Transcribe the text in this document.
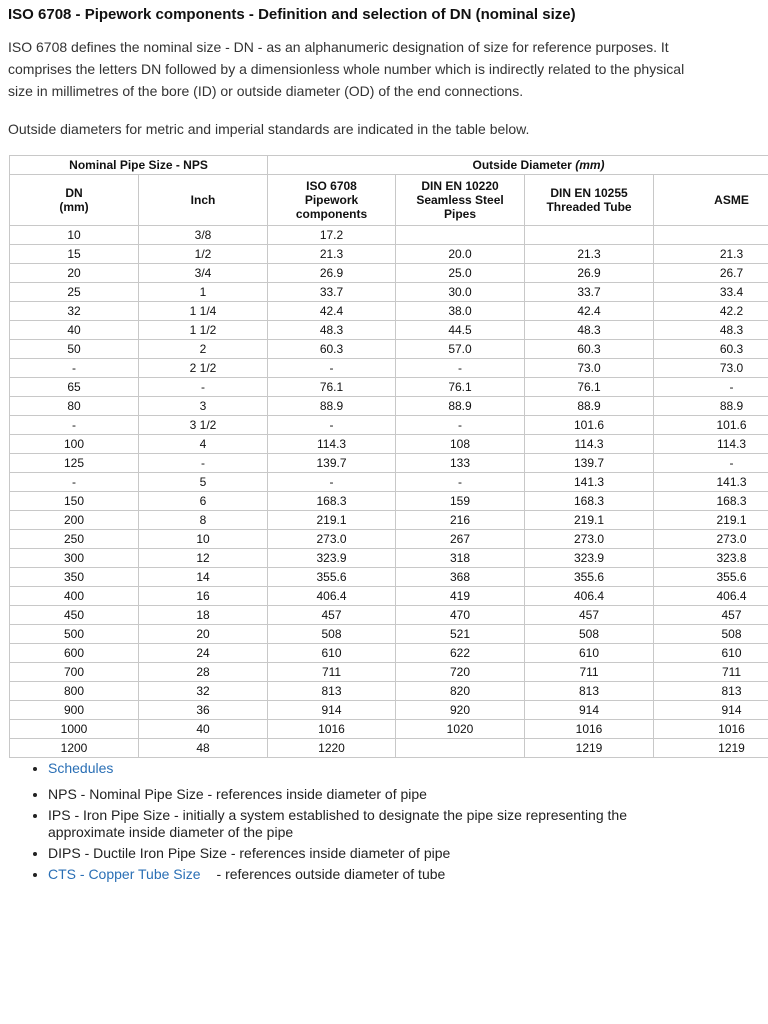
ISO 6708 - Pipework components - Definition and selection of DN (nominal size)

ISO 6708 defines the nominal size - DN - as an alphanumeric designation of size for reference purposes. It
comprises the letters DN followed by a dimensionless whole number which is indirectly related to the physical
size in millimetres of the bore (ID) or outside diameter (OD) of the end connections.
Outside diameters for metric and imperial standards are indicated in the table below.

Nominal Pipe Size - NPS		Outside Diameter (mm)			
DN
(mm)	Inch	ISO 6708
Pipework
components	DIN EN 10220
Seamless Steel
Pipes	DIN EN 10255
Threaded Tube	ASME
10	3/8	17.2			
15	1/2	21.3	20.0	21.3	21.3
20	3/4	26.9	25.0	26.9	26.7
25	1	33.7	30.0	33.7	33.4
32	1 1/4	42.4	38.0	42.4	42.2
40	1 1/2	48.3	44.5	48.3	48.3
50	2	60.3	57.0	60.3	60.3
-	2 1/2	-	-	73.0	73.0
65	-	76.1	76.1	76.1	-
80	3	88.9	88.9	88.9	88.9
-	3 1/2	-	-	101.6	101.6
100	4	114.3	108	114.3	114.3
125	-	139.7	133	139.7	-
-	5	-	-	141.3	141.3
150	6	168.3	159	168.3	168.3
200	8	219.1	216	219.1	219.1
250	10	273.0	267	273.0	273.0
300	12	323.9	318	323.9	323.8
350	14	355.6	368	355.6	355.6
400	16	406.4	419	406.4	406.4
450	18	457	470	457	457
500	20	508	521	508	508
600	24	610	622	610	610
700	28	711	720	711	711
800	32	813	820	813	813
900	36	914	920	914	914
1000	40	1016	1020	1016	1016
1200	48	1220		1219	1219
• Schedules
• NPS - Nominal Pipe Size - references inside diameter of pipe
• IPS - Iron Pipe Size - initially a system established to designate the pipe size representing the
approximate inside diameter of the pipe
• DIPS - Ductile Iron Pipe Size - references inside diameter of pipe
• CTS - Copper Tube Size - references outside diameter of tube
